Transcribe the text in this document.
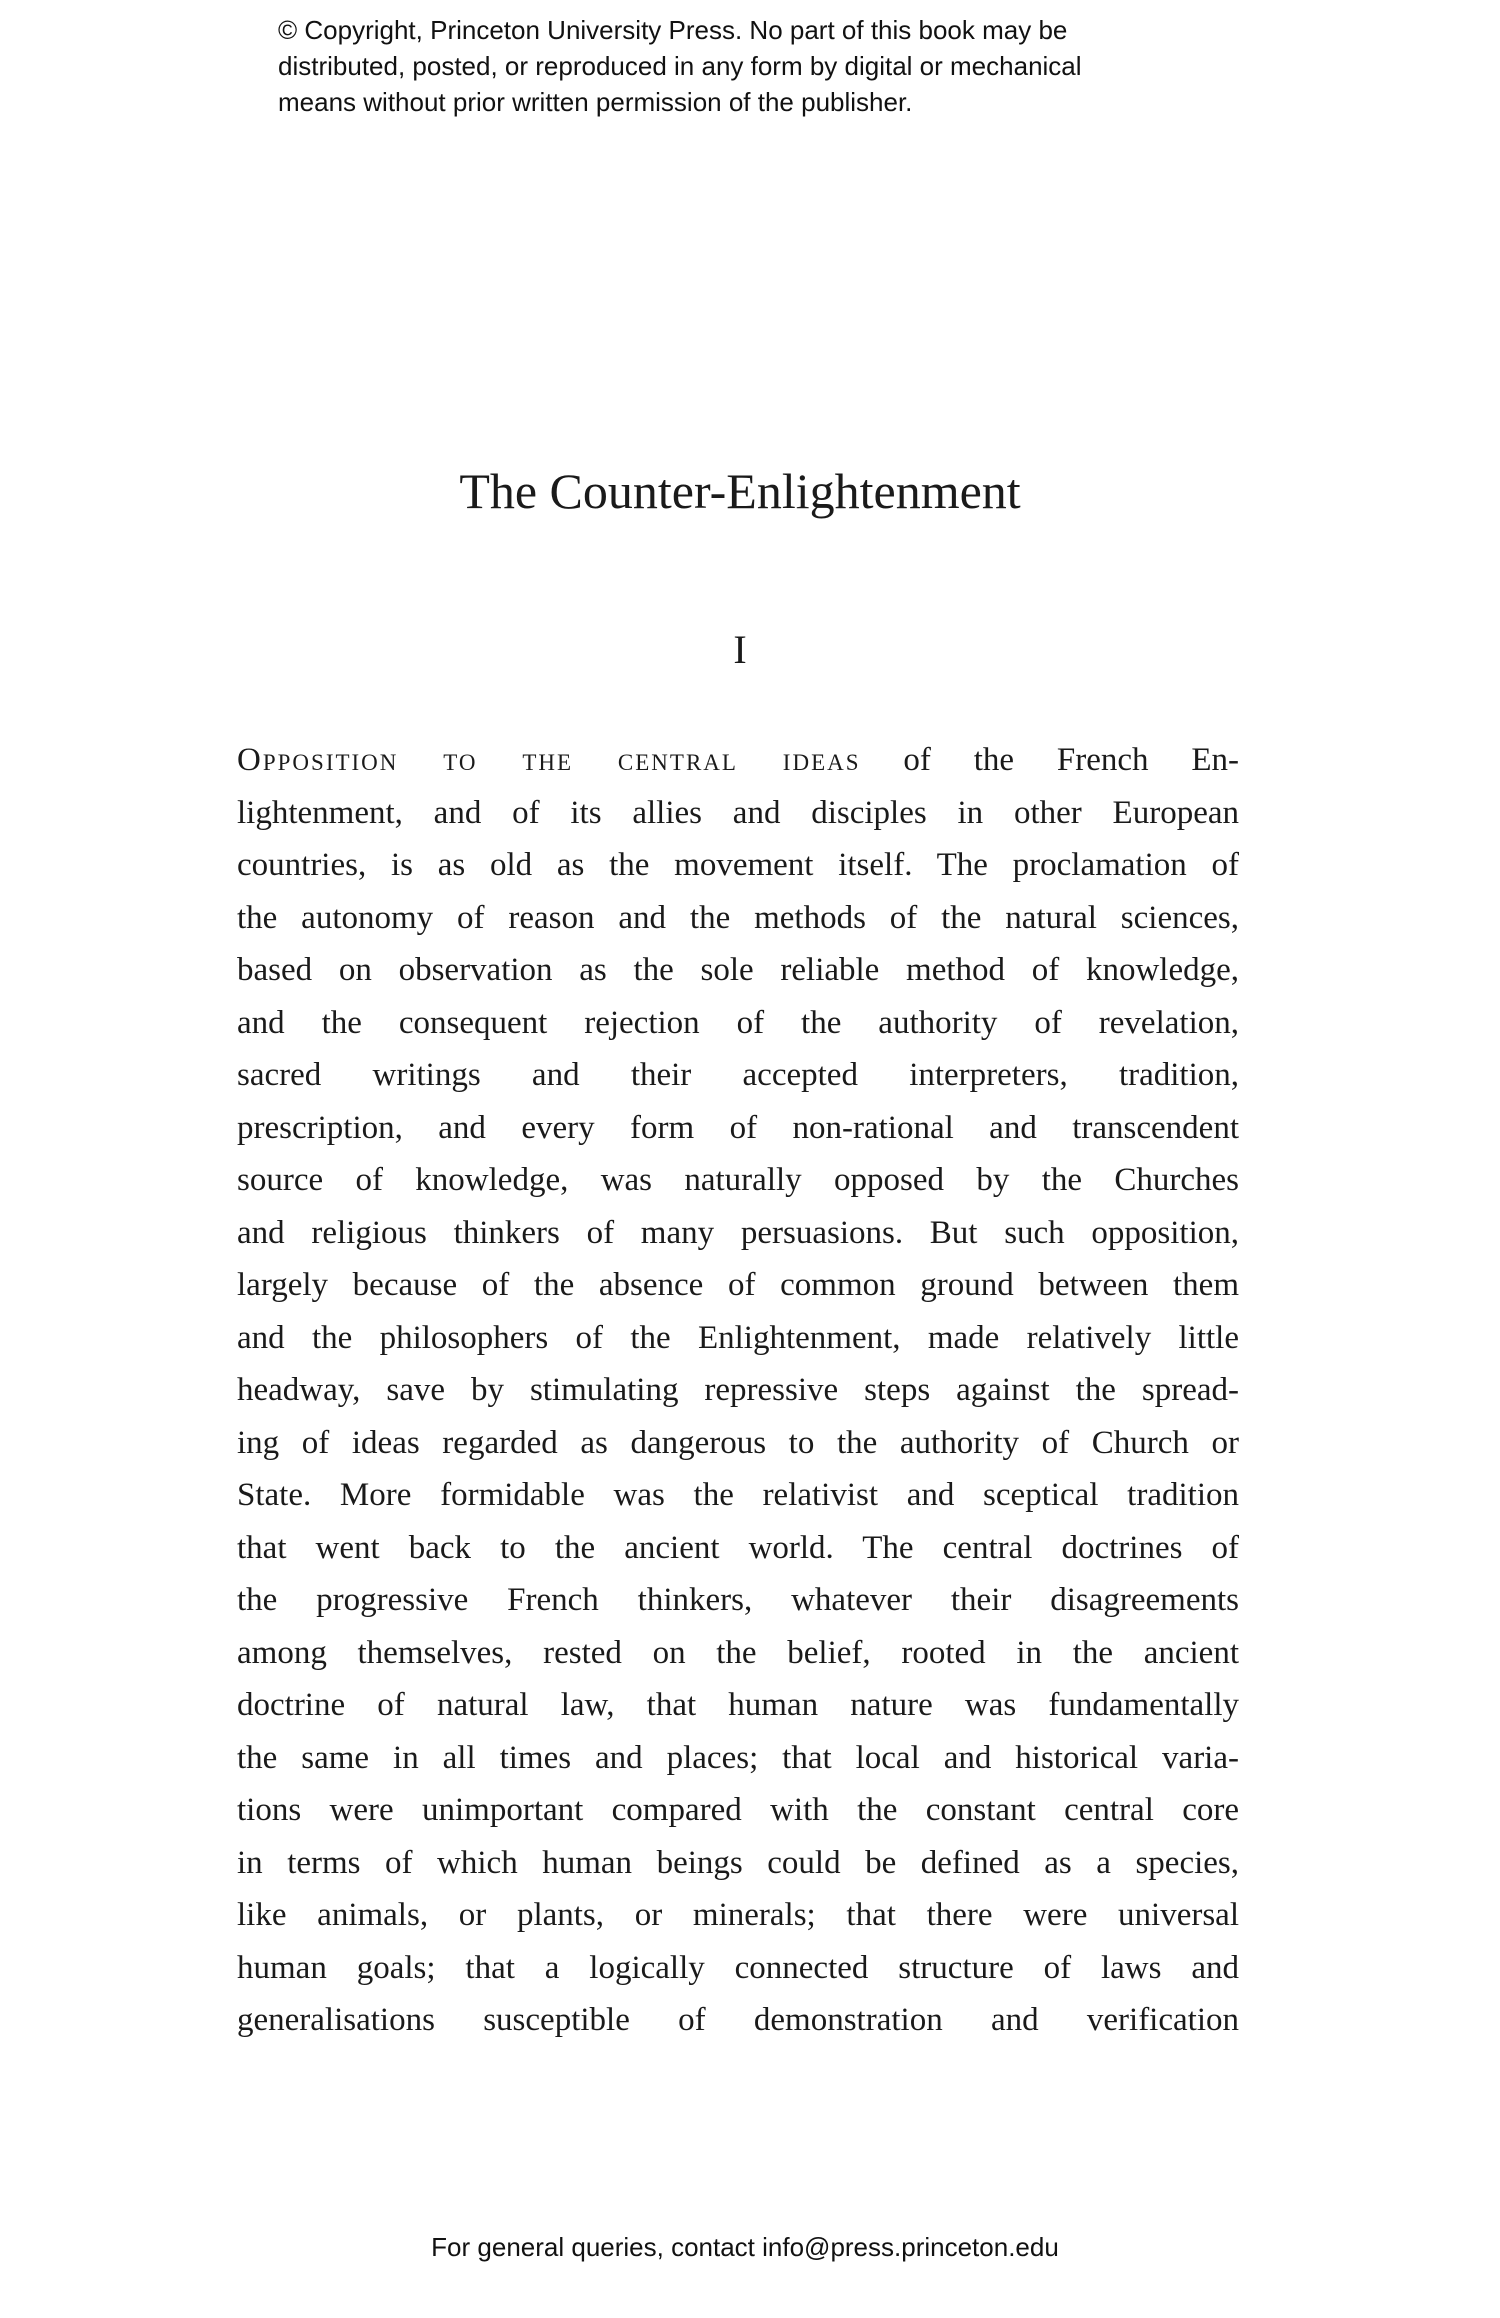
© Copyright, Princeton University Press. No part of this book may be
distributed, posted, or reproduced in any form by digital or mechanical
means without prior written permission of the publisher.
The Counter-Enlightenment
I
Opposition to the central ideas of the French En-
lightenment, and of its allies and disciples in other European
countries, is as old as the movement itself. The proclamation of
the autonomy of reason and the methods of the natural sciences,
based on observation as the sole reliable method of knowledge,
and the consequent rejection of the authority of revelation,
sacred writings and their accepted interpreters, tradition,
prescription, and every form of non-rational and transcendent
source of knowledge, was naturally opposed by the Churches
and religious thinkers of many persuasions. But such opposition,
largely because of the absence of common ground between them
and the philosophers of the Enlightenment, made relatively little
headway, save by stimulating repressive steps against the spread-
ing of ideas regarded as dangerous to the authority of Church or
State. More formidable was the relativist and sceptical tradition
that went back to the ancient world. The central doctrines of
the progressive French thinkers, whatever their disagreements
among themselves, rested on the belief, rooted in the ancient
doctrine of natural law, that human nature was fundamentally
the same in all times and places; that local and historical varia-
tions were unimportant compared with the constant central core
in terms of which human beings could be defined as a species,
like animals, or plants, or minerals; that there were universal
human goals; that a logically connected structure of laws and
generalisations susceptible of demonstration and verification
For general queries, contact info@press.princeton.edu
